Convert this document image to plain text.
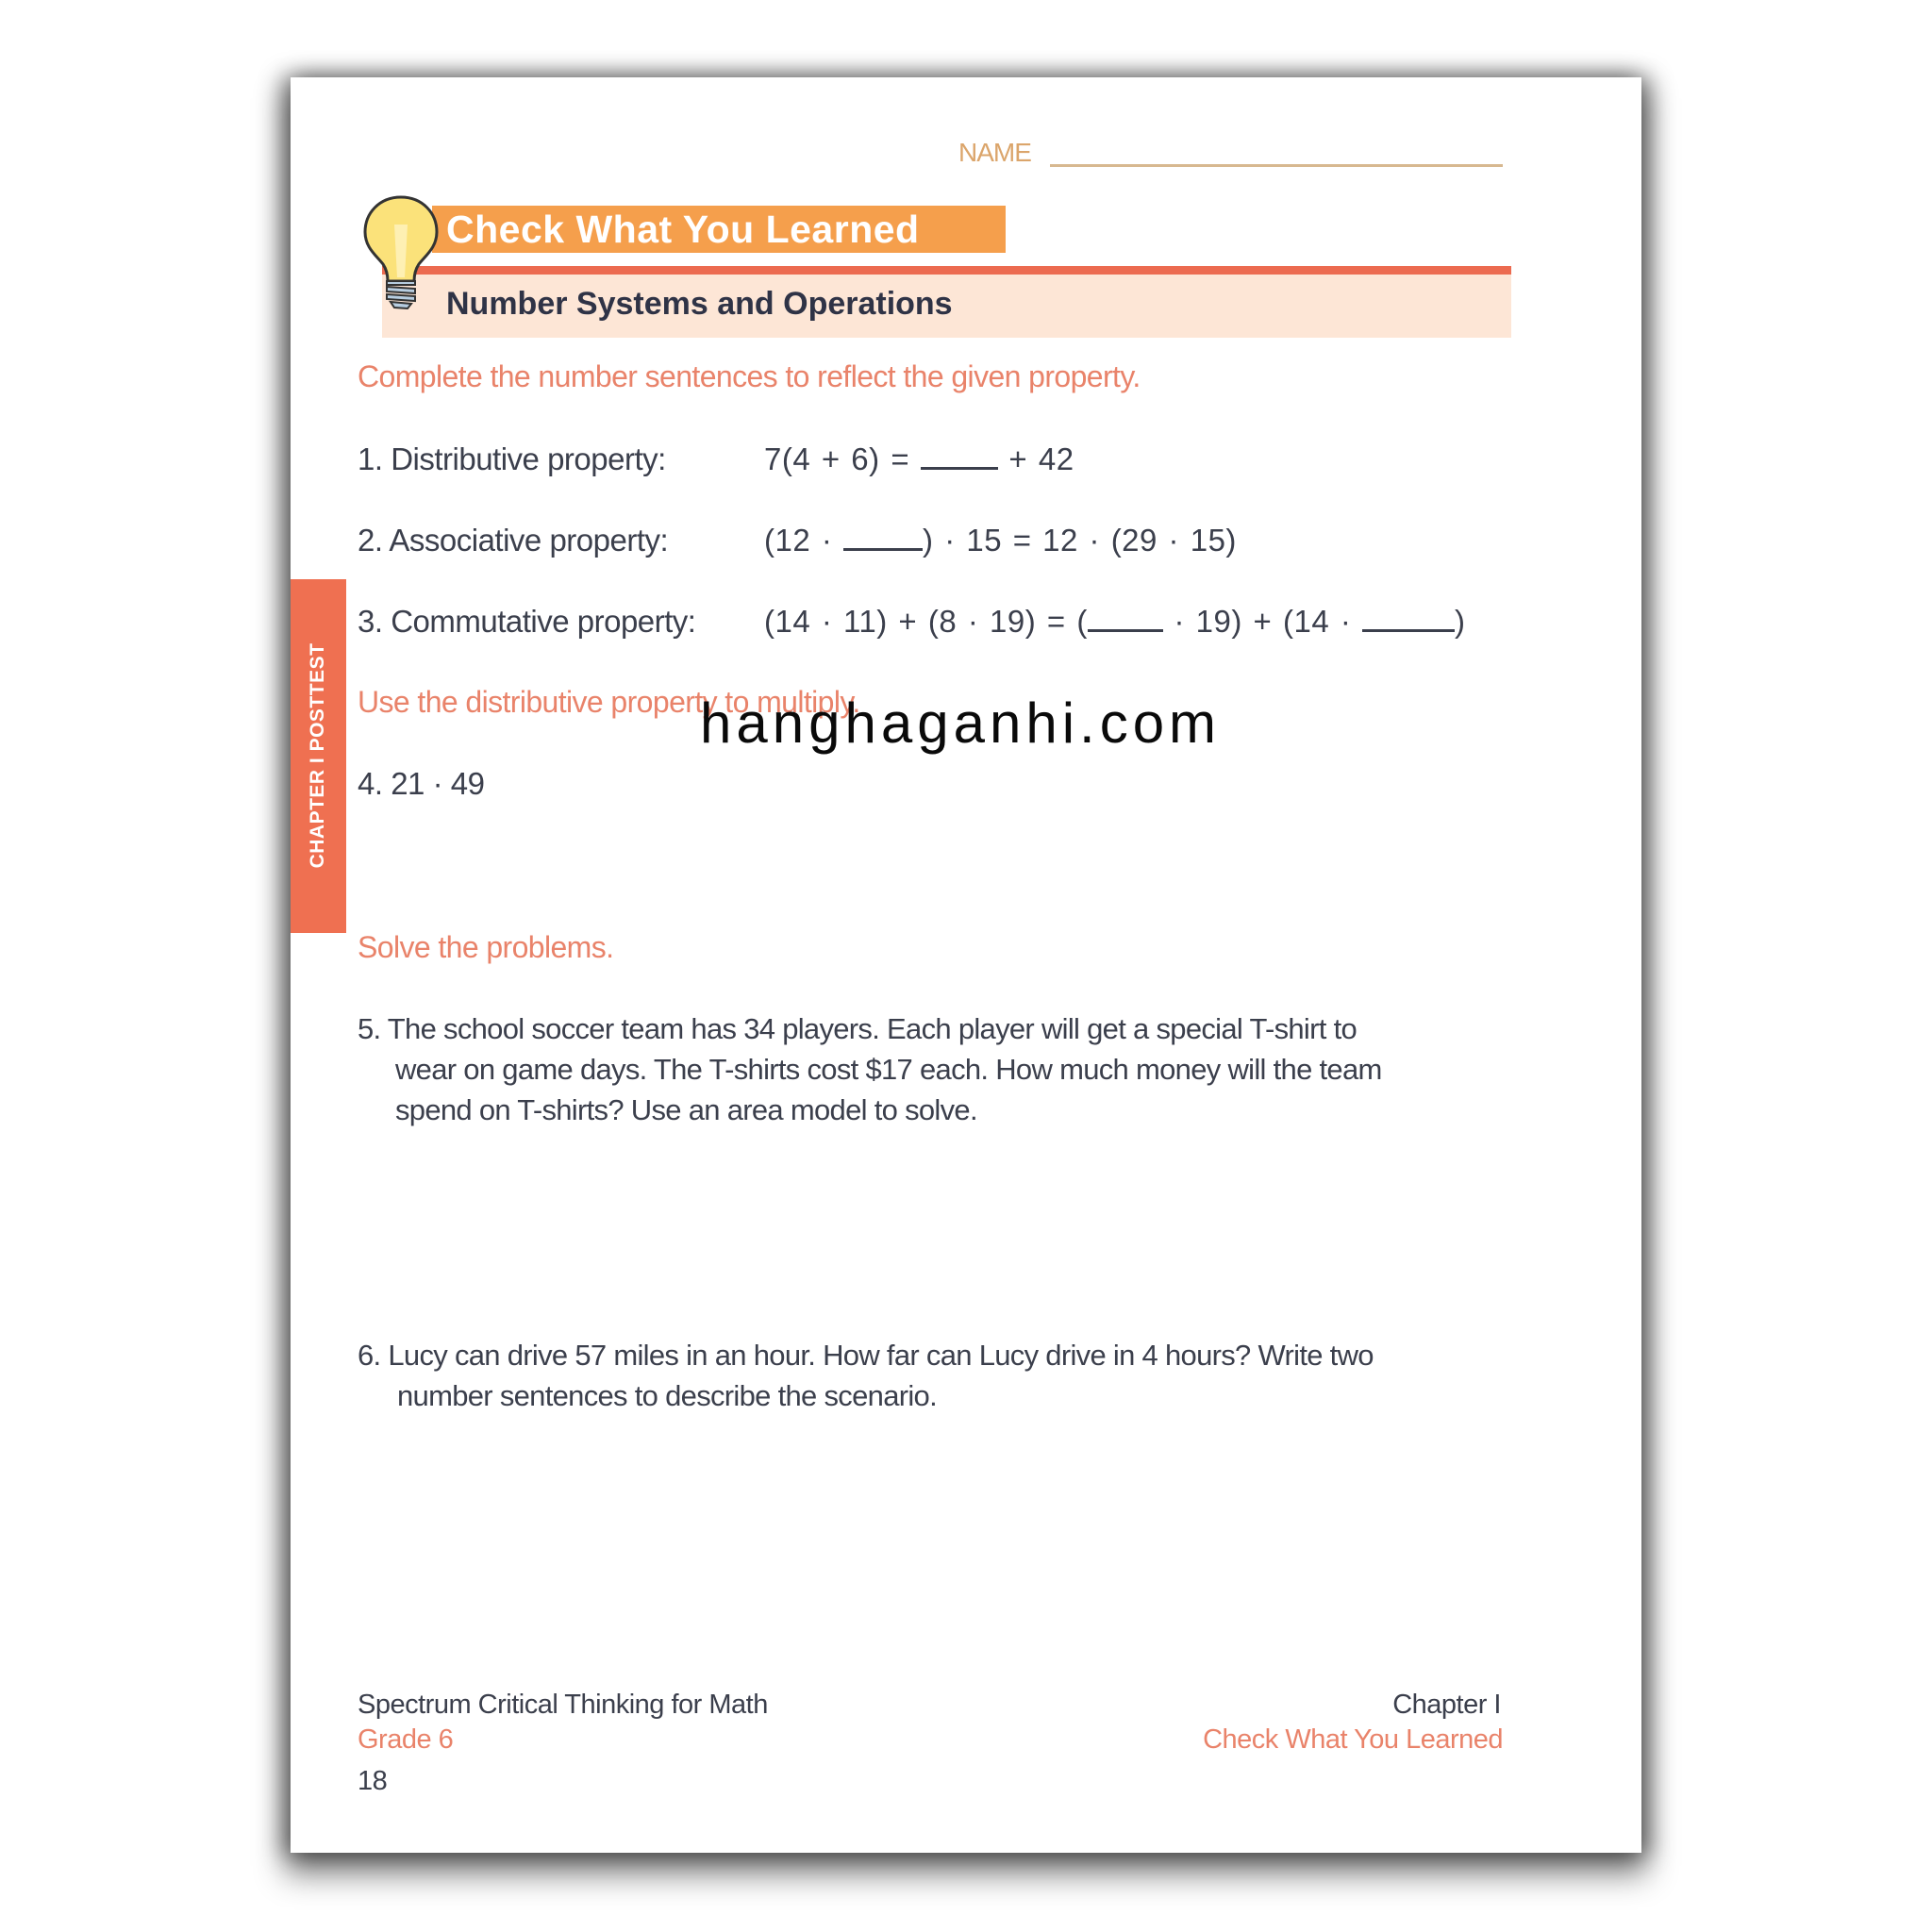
NAME
Check What You Learned
Number Systems and Operations
CHAPTER I POSTTEST
Complete the number sentences to reflect the given property.
1. Distributive property:	7(4 + 6) =  + 42
2. Associative property:	(12 ·	) · 15 = 12 · (29 · 15)
3. Commutative property: (14 · 11) + (8 · 19) = ( · 19) + (14 ·	)
Use the distributive property to multiply.
4. 21 · 49
hanghaganhi.com
Solve the problems.
5. The school soccer team has 34 players. Each player will get a special T-shirt to
wear on game days. The T-shirts cost $17 each. How much money will the team
spend on T-shirts? Use an area model to solve.
6. Lucy can drive 57 miles in an hour. How far can Lucy drive in 4 hours? Write two
number sentences to describe the scenario.
Spectrum Critical Thinking for Math
Grade 6
18
Chapter I
Check What You Learned
